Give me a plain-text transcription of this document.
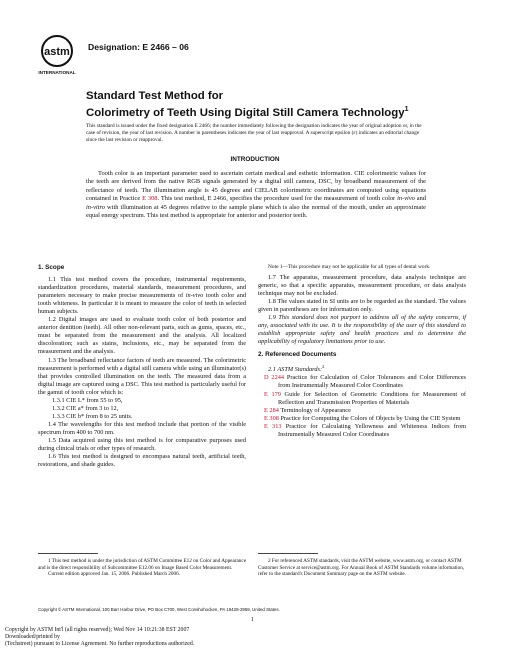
astm
INTERNATIONAL
Designation: E 2466 – 06
Standard Test Method for
Colorimetry of Teeth Using Digital Still Camera Technology$^1$
This standard is issued under the fixed designation E 2466; the number immediately following the designation indicates the year of original adoption or, in the case of revision, the year of last revision. A number in parentheses indicates the year of last reapproval. A superscript epsilon (ε) indicates an editorial change since the last revision or reapproval.
INTRODUCTION

Tooth color is an important parameter used to ascertain certain medical and esthetic information. CIE colorimetric values for the teeth are derived from the native RGB signals generated by a digital still camera, DSC, by broadband measurement of the reflectance of teeth. The illumination angle is 45 degrees and CIELAB colorimetric coordinates are computed using equations contained in Practice E 308. This test method, E 2466, specifies the procedure used for the measurement of tooth color in-vivo and in-vitro with illumination at 45 degrees relative to the sample plane which is also the normal of the mouth, under an approximate equal energy spectrum. This test method is appropriate for anterior and posterior teeth.

1. Scope

1.1 This test method covers the procedure, instrumental requirements, standardization procedures, material standards, measurement procedures, and parameters necessary to make precise measurements of in-vivo tooth color and tooth whiteness. In particular it is meant to measure the color of teeth in selected human subjects.

1.2 Digital images are used to evaluate tooth color of both posterior and anterior dentition (teeth). All other non-relevant parts, such as gums, spaces, etc., must be separated from the measurement and the analysis. All localized discoloration; such as stains, inclusions, etc., may be separated from the measurement and the analysis.

1.3 The broadband reflectance factors of teeth are measured. The colorimetric measurement is performed with a digital still camera while using an illuminator(s) that provides controlled illumination on the teeth. The measured data from a digital image are captured using a DSC. This test method is particularly useful for the gamut of tooth color which is:

1.3.1 CIE L* from 55 to 95,

1.3.2 CIE a* from 3 to 12,

1.3.3 CIE b* from 8 to 25 units.

1.4 The wavelengths for this test method include that portion of the visible spectrum from 400 to 700 nm.

1.5 Data acquired using this test method is for comparative purposes used during clinical trials or other types of research.

1.6 This test method is designed to encompass natural teeth, artificial teeth, restorations, and shade guides.

Note 1—This procedure may not be applicable for all types of dental work.

1.7 The apparatus, measurement procedure, data analysis technique are generic, so that a specific apparatus, measurement procedure, or data analysis technique may not be excluded.

1.8 The values stated in SI units are to be regarded as the standard. The values given in parentheses are for information only.

1.9 This standard does not purport to address all of the safety concerns, if any, associated with its use. It is the responsibility of the user of this standard to establish appropriate safety and health practices and to determine the applicability of regulatory limitations prior to use.

2. Referenced Documents

2.1 ASTM Standards:$^2$

D 2244 Practice for Calculation of Color Tolerances and Color Differences from Instrumentally Measured Color Coordinates

E 179 Guide for Selection of Geometric Conditions for Measurement of Reflection and Transmission Properties of Materials

E 284 Terminology of Appearance

E 308 Practice for Computing the Colors of Objects by Using the CIE System

E 313 Practice for Calculating Yellowness and Whiteness Indices from Instrumentally Measured Color Coordinates

1 This test method is under the jurisdiction of ASTM Committee E12 on Color and Appearance and is the direct responsibility of Subcommittee E12.06 on Image Based Color Measurement.

Current edition approved Jan. 15, 2006. Published March 2006.

2 For referenced ASTM standards, visit the ASTM website, www.astm.org, or contact ASTM Customer Service at service@astm.org. For Annual Book of ASTM Standards volume information, refer to the standard's Document Summary page on the ASTM website.

Copyright © ASTM International, 100 Barr Harbor Drive, PO Box C700, West Conshohocken, PA 19428-2959, United States.
1
Copyright by ASTM Int'l (all rights reserved); Wed Nov 14 10:21:38 EST 2007
Downloaded/printed by
(Techstreet) pursuant to License Agreement. No further reproductions authorized.
